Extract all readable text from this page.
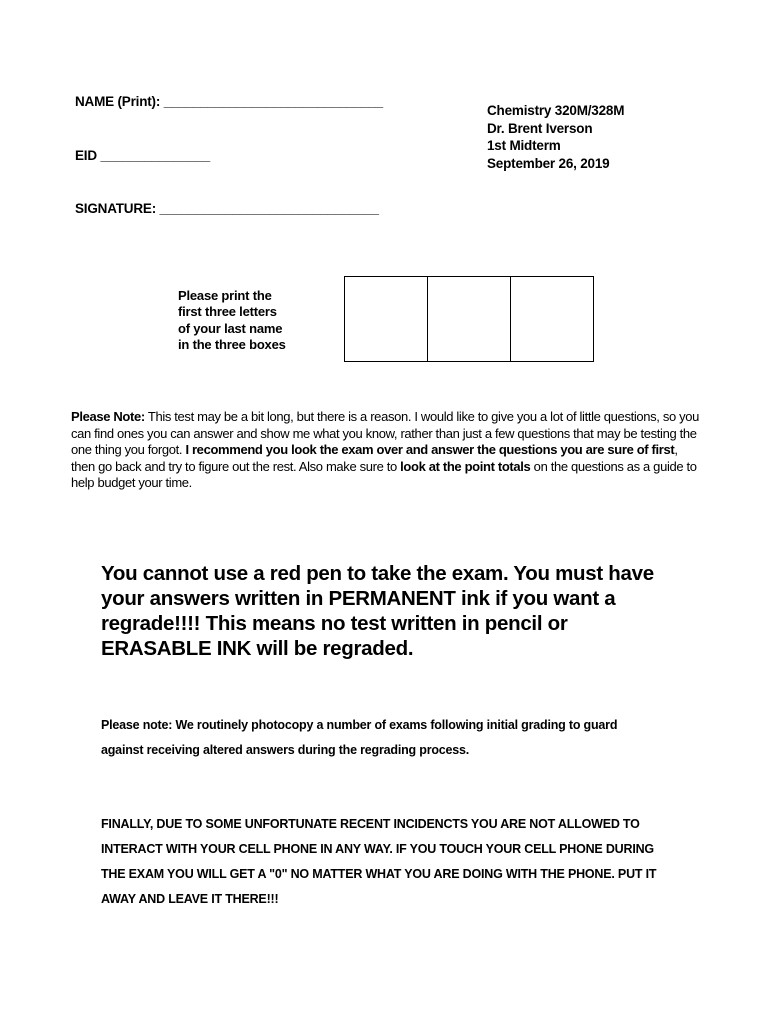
NAME (Print): ______________________________
EID _______________
SIGNATURE: ______________________________
Chemistry 320M/328M
Dr. Brent Iverson
1st Midterm
September 26, 2019
Please print the
first three letters
of your last name
in the three boxes
Please Note: This test may be a bit long, but there is a reason. I would like to give you a lot of little questions, so you can find ones you can answer and show me what you know, rather than just a few questions that may be testing the one thing you forgot. I recommend you look the exam over and answer the questions you are sure of first, then go back and try to figure out the rest. Also make sure to look at the point totals on the questions as a guide to help budget your time.
You cannot use a red pen to take the exam. You must have your answers written in PERMANENT ink if you want a regrade!!!! This means no test written in pencil or ERASABLE INK will be regraded.
Please note: We routinely photocopy a number of exams following initial grading to guard against receiving altered answers during the regrading process.
FINALLY, DUE TO SOME UNFORTUNATE RECENT INCIDENCTS YOU ARE NOT ALLOWED TO INTERACT WITH YOUR CELL PHONE IN ANY WAY. IF YOU TOUCH YOUR CELL PHONE DURING THE EXAM YOU WILL GET A "0" NO MATTER WHAT YOU ARE DOING WITH THE PHONE. PUT IT AWAY AND LEAVE IT THERE!!!
